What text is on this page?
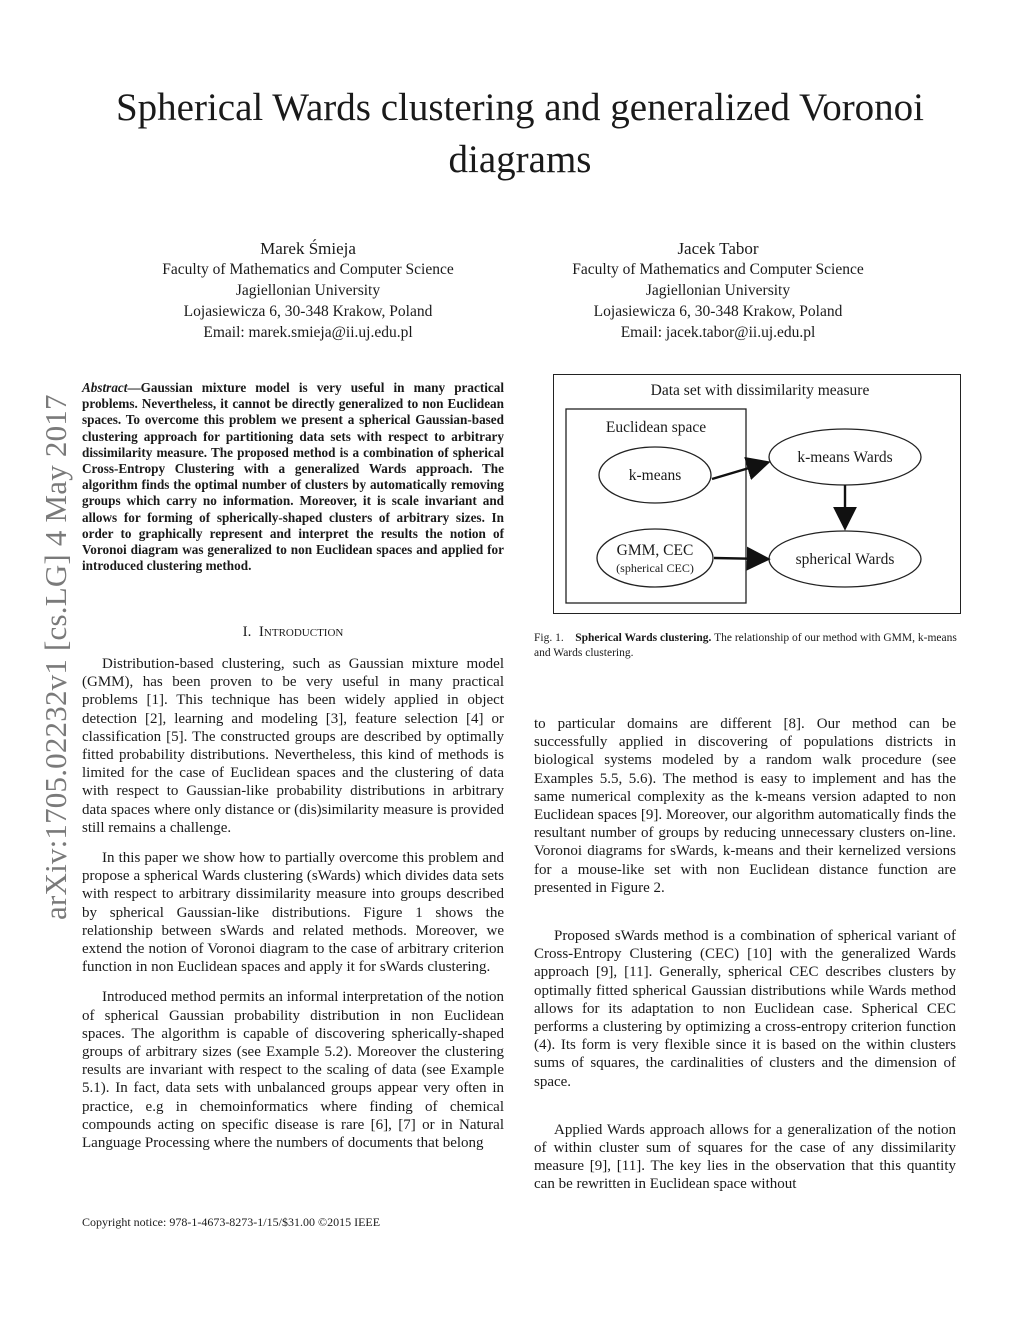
Spherical Wards clustering and generalized Voronoi diagrams
arXiv:1705.02232v1 [cs.LG] 4 May 2017
Marek Śmieja
Faculty of Mathematics and Computer Science
Jagiellonian University
Lojasiewicza 6, 30-348 Krakow, Poland
Email: marek.smieja@ii.uj.edu.pl
Jacek Tabor
Faculty of Mathematics and Computer Science
Jagiellonian University
Lojasiewicza 6, 30-348 Krakow, Poland
Email: jacek.tabor@ii.uj.edu.pl
Abstract—Gaussian mixture model is very useful in many practical problems. Nevertheless, it cannot be directly generalized to non Euclidean spaces. To overcome this problem we present a spherical Gaussian-based clustering approach for partitioning data sets with respect to arbitrary dissimilarity measure. The proposed method is a combination of spherical Cross-Entropy Clustering with a generalized Wards approach. The algorithm finds the optimal number of clusters by automatically removing groups which carry no information. Moreover, it is scale invariant and allows for forming of spherically-shaped clusters of arbitrary sizes. In order to graphically represent and interpret the results the notion of Voronoi diagram was generalized to non Euclidean spaces and applied for introduced clustering method.
I. Introduction

Distribution-based clustering, such as Gaussian mixture model (GMM), has been proven to be very useful in many practical problems [1]. This technique has been widely applied in object detection [2], learning and modeling [3], feature selection [4] or classification [5]. The constructed groups are described by optimally fitted probability distributions. Nevertheless, this kind of methods is limited for the case of Euclidean spaces and the clustering of data with respect to Gaussian-like probability distributions in arbitrary data spaces where only distance or (dis)similarity measure is provided still remains a challenge.

In this paper we show how to partially overcome this problem and propose a spherical Wards clustering (sWards) which divides data sets with respect to arbitrary dissimilarity measure into groups described by spherical Gaussian-like distributions. Figure 1 shows the relationship between sWards and related methods. Moreover, we extend the notion of Voronoi diagram to the case of arbitrary criterion function in non Euclidean spaces and apply it for sWards clustering.

Introduced method permits an informal interpretation of the notion of spherical Gaussian probability distribution in non Euclidean spaces. The algorithm is capable of discovering spherically-shaped groups of arbitrary sizes (see Example 5.2). Moreover the clustering results are invariant with respect to the scaling of data (see Example 5.1). In fact, data sets with unbalanced groups appear very often in practice, e.g in chemoinformatics where finding of chemical compounds acting on specific disease is rare [6], [7] or in Natural Language Processing where the numbers of documents that belong

Data set with dissimilarity measure
Euclidean space
k-means
GMM, CEC
(spherical CEC)
k-means Wards
spherical Wards
Fig. 1. Spherical Wards clustering. The relationship of our method with GMM, k-means and Wards clustering.

to particular domains are different [8]. Our method can be successfully applied in discovering of populations districts in biological systems modeled by a random walk procedure (see Examples 5.5, 5.6). The method is easy to implement and has the same numerical complexity as the k-means version adapted to non Euclidean spaces [9]. Moreover, our algorithm automatically finds the resultant number of groups by reducing unnecessary clusters on-line. Voronoi diagrams for sWards, k-means and their kernelized versions for a mouse-like set with non Euclidean distance function are presented in Figure 2.

Proposed sWards method is a combination of spherical variant of Cross-Entropy Clustering (CEC) [10] with the generalized Wards approach [9], [11]. Generally, spherical CEC describes clusters by optimally fitted spherical Gaussian distributions while Wards method allows for its adaptation to non Euclidean case. Spherical CEC performs a clustering by optimizing a cross-entropy criterion function (4). Its form is very flexible since it is based on the within clusters sums of squares, the cardinalities of clusters and the dimension of space.

Applied Wards approach allows for a generalization of the notion of within cluster sum of squares for the case of any dissimilarity measure [9], [11]. The key lies in the observation that this quantity can be rewritten in Euclidean space without

Copyright notice: 978-1-4673-8273-1/15/$31.00 ©2015 IEEE
